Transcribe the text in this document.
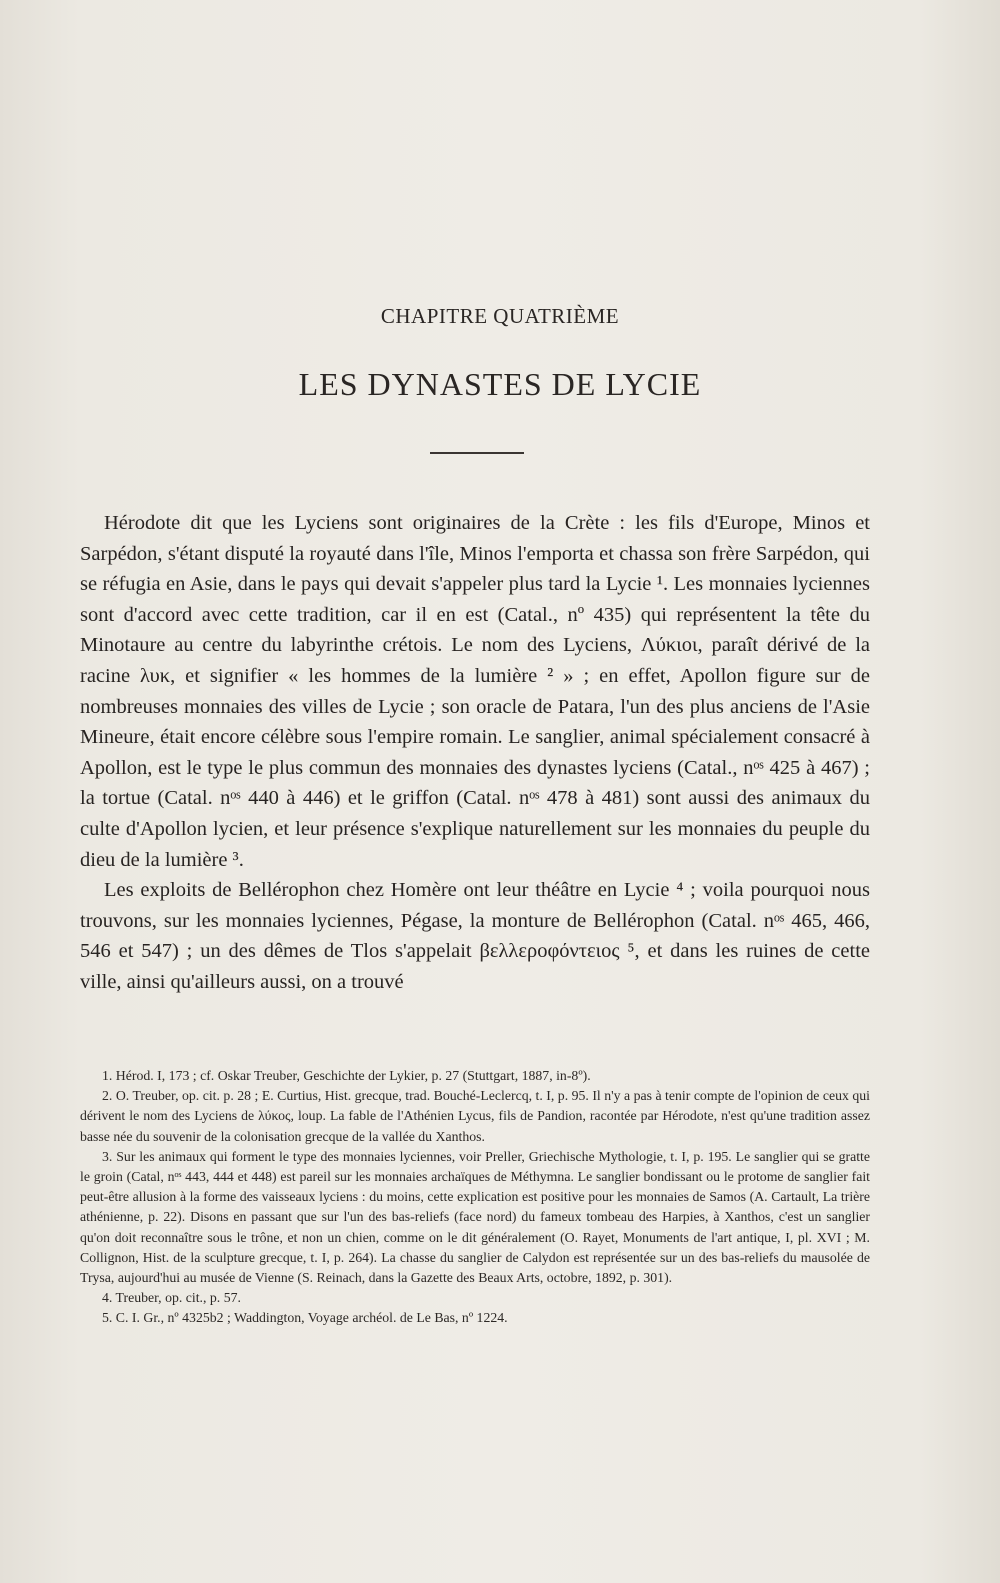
CHAPITRE QUATRIÈME
LES DYNASTES DE LYCIE

Hérodote dit que les Lyciens sont originaires de la Crète : les fils d'Europe, Minos et Sarpédon, s'étant disputé la royauté dans l'île, Minos l'emporta et chassa son frère Sarpédon, qui se réfugia en Asie, dans le pays qui devait s'appeler plus tard la Lycie ¹. Les monnaies lyciennes sont d'accord avec cette tradition, car il en est (Catal., nº 435) qui représentent la tête du Minotaure au centre du labyrinthe crétois. Le nom des Lyciens, Λύκιοι, paraît dérivé de la racine λυκ, et signifier « les hommes de la lumière ² » ; en effet, Apollon figure sur de nombreuses monnaies des villes de Lycie ; son oracle de Patara, l'un des plus anciens de l'Asie Mineure, était encore célèbre sous l'empire romain. Le sanglier, animal spécialement consacré à Apollon, est le type le plus commun des monnaies des dynastes lyciens (Catal., nᵒˢ 425 à 467) ; la tortue (Catal. nᵒˢ 440 à 446) et le griffon (Catal. nᵒˢ 478 à 481) sont aussi des animaux du culte d'Apollon lycien, et leur présence s'explique naturellement sur les monnaies du peuple du dieu de la lumière ³.

Les exploits de Bellérophon chez Homère ont leur théâtre en Lycie ⁴ ; voila pourquoi nous trouvons, sur les monnaies lyciennes, Pégase, la monture de Bellérophon (Catal. nᵒˢ 465, 466, 546 et 547) ; un des dêmes de Tlos s'appelait βελλεροφόντειος ⁵, et dans les ruines de cette ville, ainsi qu'ailleurs aussi, on a trouvé

1. Hérod. I, 173 ; cf. Oskar Treuber, Geschichte der Lykier, p. 27 (Stuttgart, 1887, in-8º).

2. O. Treuber, op. cit. p. 28 ; E. Curtius, Hist. grecque, trad. Bouché-Leclercq, t. I, p. 95. Il n'y a pas à tenir compte de l'opinion de ceux qui dérivent le nom des Lyciens de λύκος, loup. La fable de l'Athénien Lycus, fils de Pandion, racontée par Hérodote, n'est qu'une tradition assez basse née du souvenir de la colonisation grecque de la vallée du Xanthos.

3. Sur les animaux qui forment le type des monnaies lyciennes, voir Preller, Griechische Mythologie, t. I, p. 195. Le sanglier qui se gratte le groin (Catal, nᵒˢ 443, 444 et 448) est pareil sur les monnaies archaïques de Méthymna. Le sanglier bondissant ou le protome de sanglier fait peut-être allusion à la forme des vaisseaux lyciens : du moins, cette explication est positive pour les monnaies de Samos (A. Cartault, La trière athénienne, p. 22). Disons en passant que sur l'un des bas-reliefs (face nord) du fameux tombeau des Harpies, à Xanthos, c'est un sanglier qu'on doit reconnaître sous le trône, et non un chien, comme on le dit généralement (O. Rayet, Monuments de l'art antique, I, pl. XVI ; M. Collignon, Hist. de la sculpture grecque, t. I, p. 264). La chasse du sanglier de Calydon est représentée sur un des bas-reliefs du mausolée de Trysa, aujourd'hui au musée de Vienne (S. Reinach, dans la Gazette des Beaux Arts, octobre, 1892, p. 301).

4. Treuber, op. cit., p. 57.

5. C. I. Gr., nº 4325b2 ; Waddington, Voyage archéol. de Le Bas, nº 1224.
